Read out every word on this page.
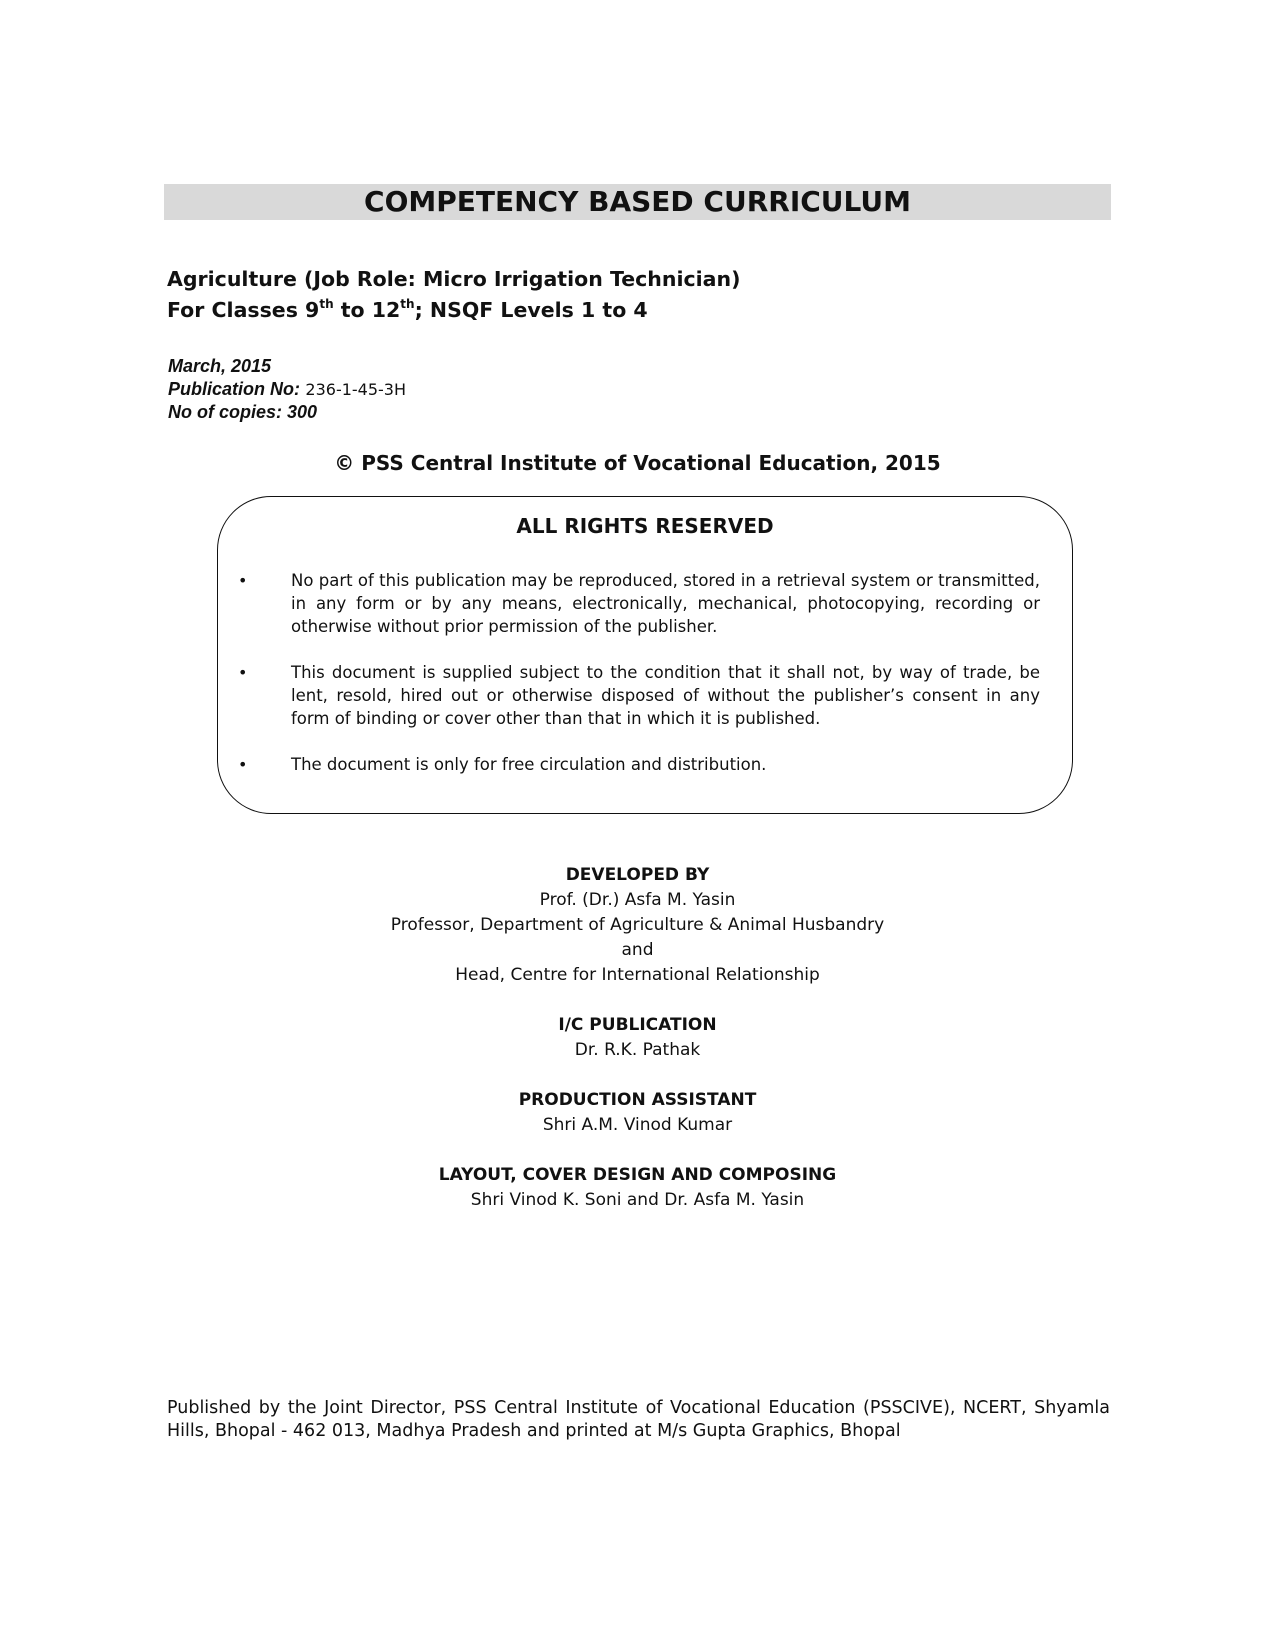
COMPETENCY BASED CURRICULUM
Agriculture (Job Role: Micro Irrigation Technician)
For Classes 9th to 12th; NSQF Levels 1 to 4
March, 2015
Publication No: 236-1-45-3H
No of copies: 300
© PSS Central Institute of Vocational Education, 2015
ALL RIGHTS RESERVED
•	No part of this publication may be reproduced, stored in a retrieval system or transmitted, in any form or by any means, electronically, mechanical, photocopying, recording or otherwise without prior permission of the publisher.
•	This document is supplied subject to the condition that it shall not, by way of trade, be lent, resold, hired out or otherwise disposed of without the publisher’s consent in any form of binding or cover other than that in which it is published.
•	The document is only for free circulation and distribution.
DEVELOPED BY
Prof. (Dr.) Asfa M. Yasin
Professor, Department of Agriculture & Animal Husbandry
and
Head, Centre for International Relationship
I/C PUBLICATION
Dr. R.K. Pathak
PRODUCTION ASSISTANT
Shri A.M. Vinod Kumar
LAYOUT, COVER DESIGN AND COMPOSING
Shri Vinod K. Soni and Dr. Asfa M. Yasin
Published by the Joint Director, PSS Central Institute of Vocational Education (PSSCIVE), NCERT, Shyamla Hills, Bhopal - 462 013, Madhya Pradesh and printed at M/s Gupta Graphics, Bhopal
